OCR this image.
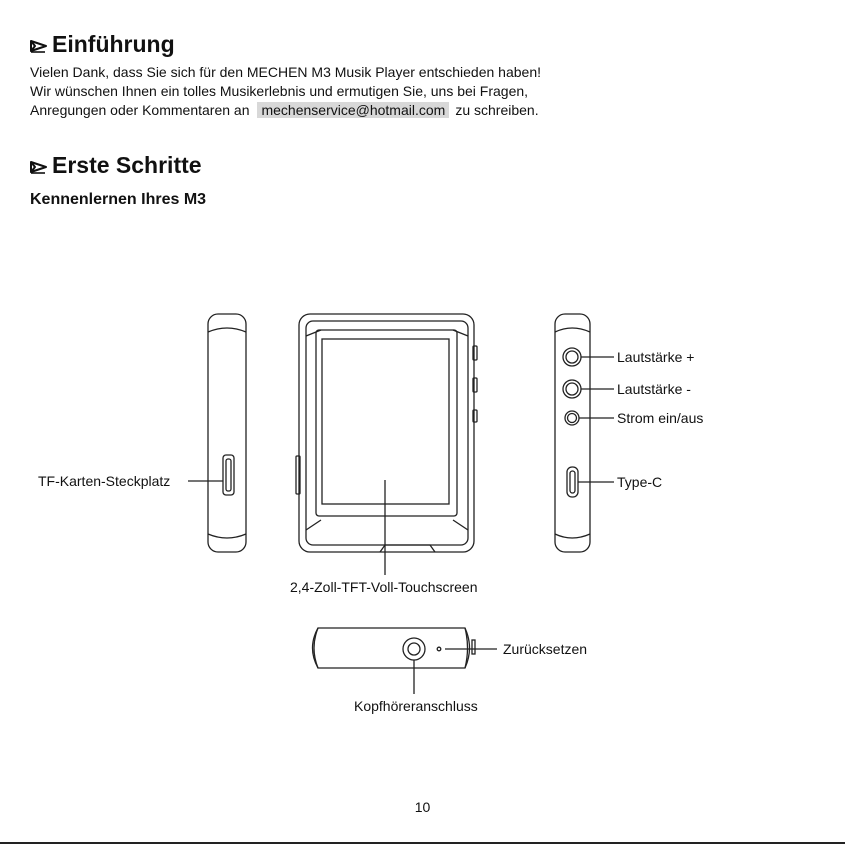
Einführung
Vielen Dank, dass Sie sich für den MECHEN M3 Musik Player entschieden haben!
Wir wünschen Ihnen ein tolles Musikerlebnis und ermutigen Sie, uns bei Fragen,
Anregungen oder Kommentaren an mechenservice@hotmail.com zu schreiben.
Erste Schritte
Kennenlernen Ihres M3
TF-Karten-Steckplatz
2,4-Zoll-TFT-Voll-Touchscreen
Lautstärke +
Lautstärke -
Strom ein/aus
Type-C
Zurücksetzen
Kopfhöreranschluss
10
